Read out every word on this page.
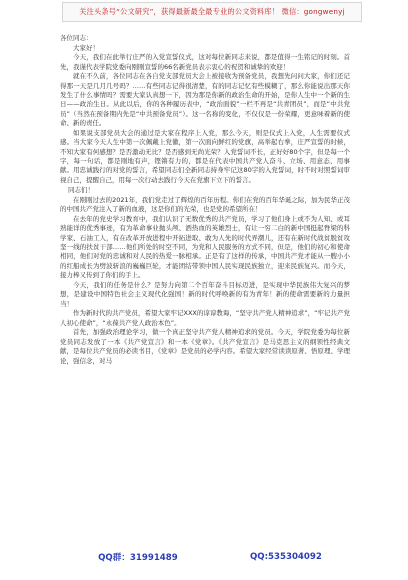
关注头条号“公文研究”，获得最新最全最专业的公文资料库！ 微信：gongwenyj

各位同志：

大家好！

今天，我们在此举行庄严的入党宣誓仪式，这对每位新同志来说，都是值得一生铭记的时刻。首先，我谨代表学院党委向刚刚宣誓的66名新党员表示衷心的祝贺和诚挚的欢迎！

就在不久前，各位同志在各自党支部党员大会上被接收为预备党员，我想先问问大家，你们还记得那一天是几月几号吗？……有些同志记得很清楚，有的同志记忆有些模糊了，那么你能说出那天你发生了什么事情吗？需要大家认真想一下，因为那是你新的政治生命的开始，是你人生中一个新的生日——政治生日。从此以后，你的各种履历表中，“政治面貌”一栏不再是“共青团员”，而是“中共党员”（当然在预备期内先是“中共预备党员”）。这一名称的变化，不仅仅是一份荣耀，更意味着新的使命、新的责任。

如果说支部党员大会的通过是大家在程序上入党，那么今天，则是仪式上入党，人生需要仪式感。当大家今天人生中第一次佩戴上党徽，第一次面向鲜红的党旗，高举起右拳，庄严宣誓的时候，不知大家有何感想？是否激动无比？是否感到无尚光荣？入党誓词不长，正好好80个字，但是每一个字，每一句话，都是刚地有声，铿锵有力的，都是在代表中国共产党人奋斗、立场、用意态、用事献。用忠诚践行的对党的誓言，希望同志们全新同志持身牢记这80字的入党誓词，时不时对照誓词审视自己，提醒自己，用每一次行动去践行今天在党旗下立下的誓言。

同志们！

在刚刚过去的2021年，我们党走过了辉煌的百年历程。你们在党的百年华诞之际，加为民华正茂的中国共产党注入了新的血液，这是你们的光荣，也是党的希望所在！

在去年的党史学习教育中，我们认识了无数优秀的共产党员，学习了他们身上或不为人知、或耳熟能详的优秀事迹，有为革命事业抛头颅、洒热血的英雄烈士，有让一穷二白的新中国挺起脊梁的科学家、石油工人，有在改革开放进程中开拓进取、敢为人先的时代弄潮儿，还有在新时代战贫脱贫攻坚一线的扶贫干部……他们所处的时空不同，为党和人民服务的方式不同，但是，他们的初心和使命相同，他们对党的忠诚和对人民的热爱一脉相承。正是有了这样的传承，中国共产党才能从一艘小小的红船成长为劈波斩浪的巍巍巨轮，才能团结带领中国人民实现民族独立，迎来民族复兴。而今天，接力棒又传到了你们的手上。

今天，我们的任务是什么？是努力向第二个百年奋斗目标迈进，是实现中华民族伟大复兴的梦想，是建设中国特色社会主义现代化强国！新的时代呼唤新的有为青年！新的使命需要新的力量担当！

作为新时代的共产党员，希望大家牢记XXX的谆谆教诲，“坚守共产党人精神追求”，“牢记共产党人初心使命”，“永葆共产党人政治本色”。

首先，加强政治理论学习，做一个真正坚守共产党人精神追求的党员。今天，学院党委为每位新党员同志发放了一本《共产党宣言》和一本《党章》。《共产党宣言》是马克思主义的纲领性经典文献，是每位共产党员的必读书目，《党章》是党员的必学内容。希望大家经常读读原著、悟原理、学理论，强信念，对马

QQ群：31991489	QQ:535304092
